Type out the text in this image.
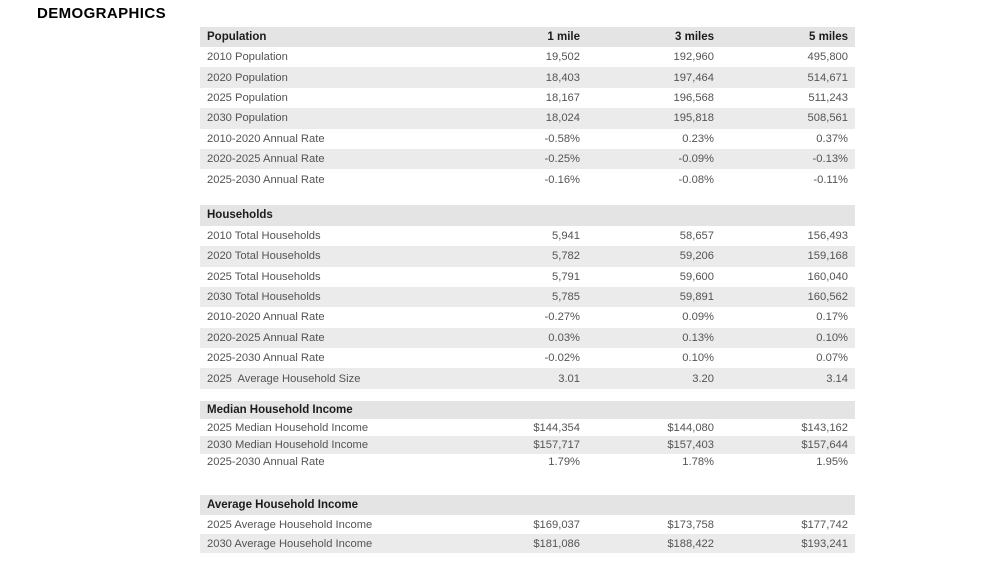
DEMOGRAPHICS
Population	1 mile	3 miles	5 miles
2010 Population	19,502	192,960	495,800
2020 Population	18,403	197,464	514,671
2025 Population	18,167	196,568	511,243
2030 Population	18,024	195,818	508,561
2010-2020 Annual Rate	-0.58%	0.23%	0.37%
2020-2025 Annual Rate	-0.25%	-0.09%	-0.13%
2025-2030 Annual Rate	-0.16%	-0.08%	-0.11%
Households
2010 Total Households	5,941	58,657	156,493
2020 Total Households	5,782	59,206	159,168
2025 Total Households	5,791	59,600	160,040
2030 Total Households	5,785	59,891	160,562
2010-2020 Annual Rate	-0.27%	0.09%	0.17%
2020-2025 Annual Rate	0.03%	0.13%	0.10%
2025-2030 Annual Rate	-0.02%	0.10%	0.07%
2025  Average Household Size	3.01	3.20	3.14
Median Household Income
2025 Median Household Income	$144,354	$144,080	$143,162
2030 Median Household Income	$157,717	$157,403	$157,644
2025-2030 Annual Rate	1.79%	1.78%	1.95%
Average Household Income
2025 Average Household Income	$169,037	$173,758	$177,742
2030 Average Household Income	$181,086	$188,422	$193,241
